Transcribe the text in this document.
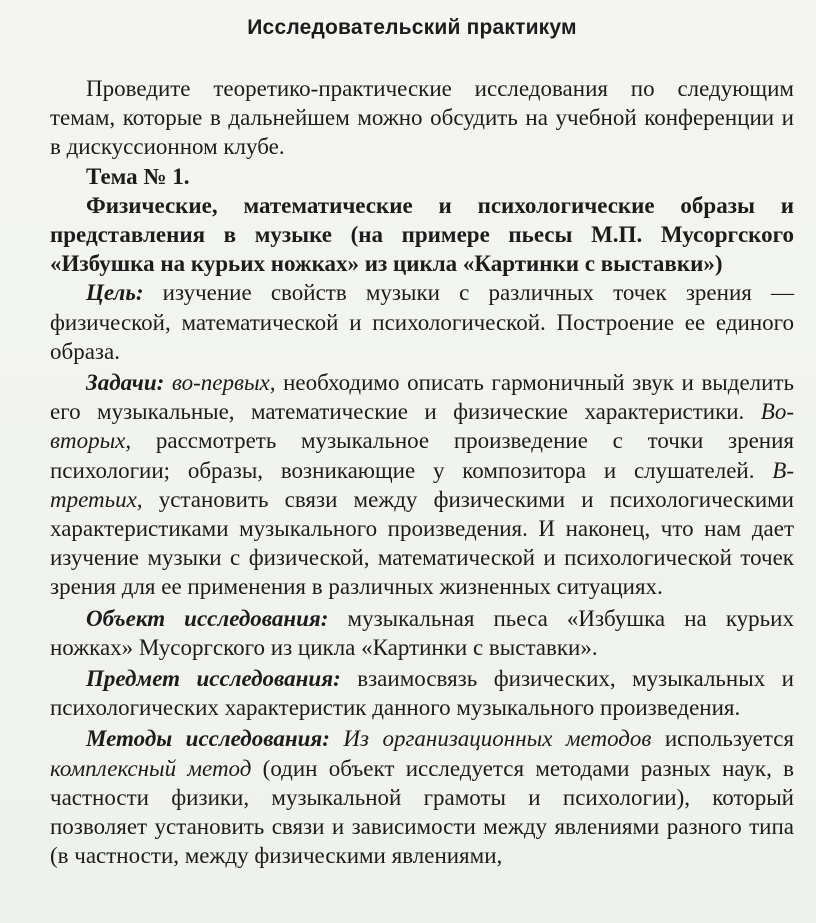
Исследовательский практикум

Проведите теоретико-практические исследования по следующим темам, которые в дальнейшем можно обсудить на учебной конференции и в дискуссионном клубе.

Тема № 1.

Физические, математические и психологические образы и представления в музыке (на примере пьесы М.П. Мусоргского «Избушка на курьих ножках» из цикла «Картинки с выставки»)

Цель: изучение свойств музыки с различных точек зрения — физической, математической и психологической. Построение ее единого образа.

Задачи: во-первых, необходимо описать гармоничный звук и выделить его музыкальные, математические и физические характеристики. Во-вторых, рассмотреть музыкальное произведение с точки зрения психологии; образы, возникающие у композитора и слушателей. В-третьих, установить связи между физическими и психологическими характеристиками музыкального произведения. И наконец, что нам дает изучение музыки с физической, математической и психологической точек зрения для ее применения в различных жизненных ситуациях.

Объект исследования: музыкальная пьеса «Избушка на курьих ножках» Мусоргского из цикла «Картинки с выставки».

Предмет исследования: взаимосвязь физических, музыкальных и психологических характеристик данного музыкального произведения.

Методы исследования: Из организационных методов используется комплексный метод (один объект исследуется методами разных наук, в частности физики, музыкальной грамоты и психологии), который позволяет установить связи и зависимости между явлениями разного типа (в частности, между физическими явлениями,
